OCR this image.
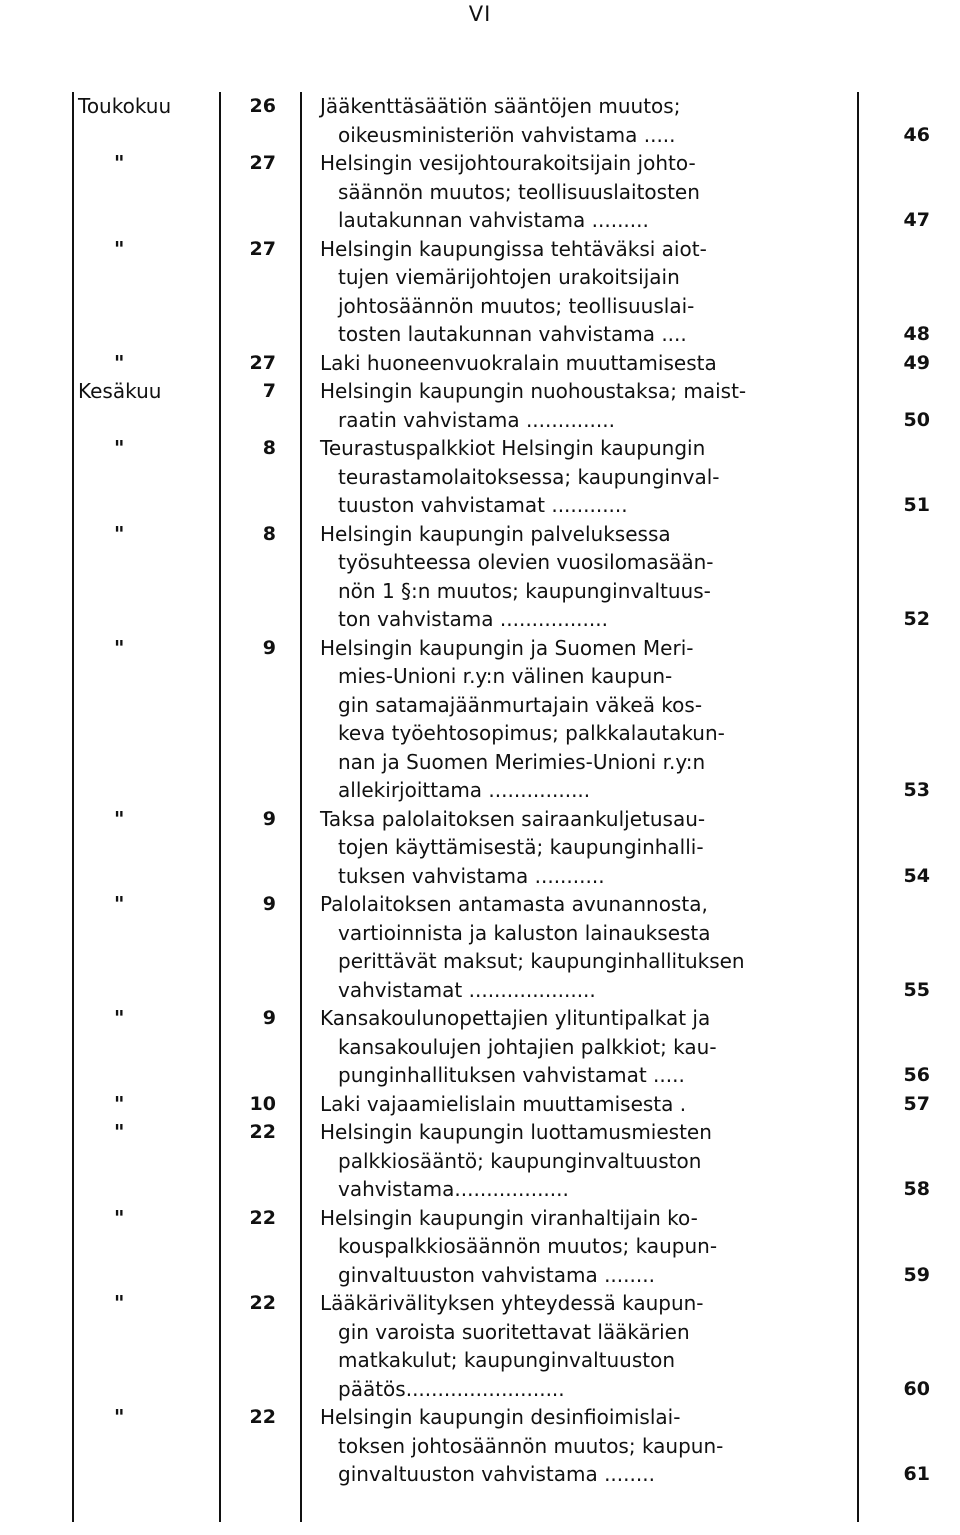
VI
Toukokuu	26 Jääkenttäsäätiön sääntöjen muutos;
oikeusministeriön vahvistama .....	46
"	27 Helsingin vesijohtourakoitsijain johto-
säännön muutos; teollisuuslaitosten
lautakunnan vahvistama .........	47
"	27 Helsingin kaupungissa tehtäväksi aiot-
tujen viemärijohtojen urakoitsijain
johtosäännön muutos; teollisuuslai-
tosten lautakunnan vahvistama ....	48
"	27 Laki huoneenvuokralain muuttamisesta	49
Kesäkuu	7 Helsingin kaupungin nuohoustaksa; maist-
raatin vahvistama ..............	50
"	8 Teurastuspalkkiot Helsingin kaupungin
teurastamolaitoksessa; kaupunginval-
tuuston vahvistamat ............	51
"	8 Helsingin kaupungin palveluksessa
työsuhteessa olevien vuosilomasään-
nön 1 §:n muutos; kaupunginvaltuus-
ton vahvistama .................	52
"	9 Helsingin kaupungin ja Suomen Meri-
mies-Unioni r.y:n välinen kaupun-
gin satamajäänmurtajain väkeä kos-
keva työehtosopimus; palkkalautakun-
nan ja Suomen Merimies-Unioni r.y:n
allekirjoittama ................	53
"	9 Taksa palolaitoksen sairaankuljetusau-
tojen käyttämisestä; kaupunginhalli-
tuksen vahvistama ...........	54
"	9 Palolaitoksen antamasta avunannosta,
vartioinnista ja kaluston lainauksesta
perittävät maksut; kaupunginhallituksen
vahvistamat ....................	55
"	9 Kansakoulunopettajien ylituntipalkat ja
kansakoulujen johtajien palkkiot; kau-
punginhallituksen vahvistamat .....	56
"	10 Laki vajaamielislain muuttamisesta .	57
"	22 Helsingin kaupungin luottamusmiesten
palkkiosääntö; kaupunginvaltuuston
vahvistama..................	58
"	22 Helsingin kaupungin viranhaltijain ko-
kouspalkkiosäännön muutos; kaupun-
ginvaltuuston vahvistama ........	59
"	22 Lääkärivälityksen yhteydessä kaupun-
gin varoista suoritettavat lääkärien
matkakulut; kaupunginvaltuuston
päätös.........................	60
"	22 Helsingin kaupungin desinfioimislai-
toksen johtosäännön muutos; kaupun-
ginvaltuuston vahvistama ........	61
